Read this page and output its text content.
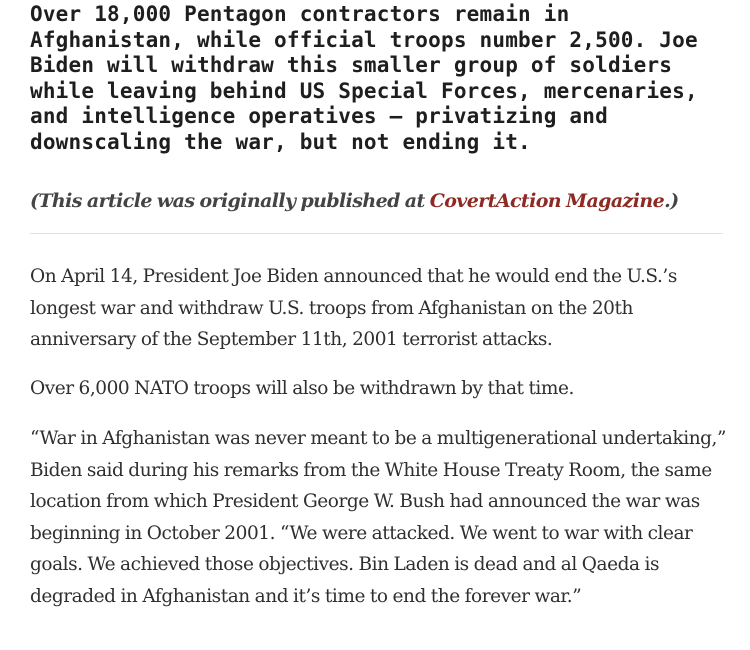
Over 18,000 Pentagon contractors remain in Afghanistan, while official troops number 2,500. Joe Biden will withdraw this smaller group of soldiers while leaving behind US Special Forces, mercenaries, and intelligence operatives — privatizing and downscaling the war, but not ending it.

(This article was originally published at CovertAction Magazine.)

On April 14, President Joe Biden announced that he would end the U.S.’s longest war and withdraw U.S. troops from Afghanistan on the 20th anniversary of the September 11th, 2001 terrorist attacks.

Over 6,000 NATO troops will also be withdrawn by that time.

“War in Afghanistan was never meant to be a multigenerational undertaking,” Biden said during his remarks from the White House Treaty Room, the same location from which President George W. Bush had announced the war was beginning in October 2001. “We were attacked. We went to war with clear goals. We achieved those objectives. Bin Laden is dead and al Qaeda is degraded in Afghanistan and it’s time to end the forever war.”
